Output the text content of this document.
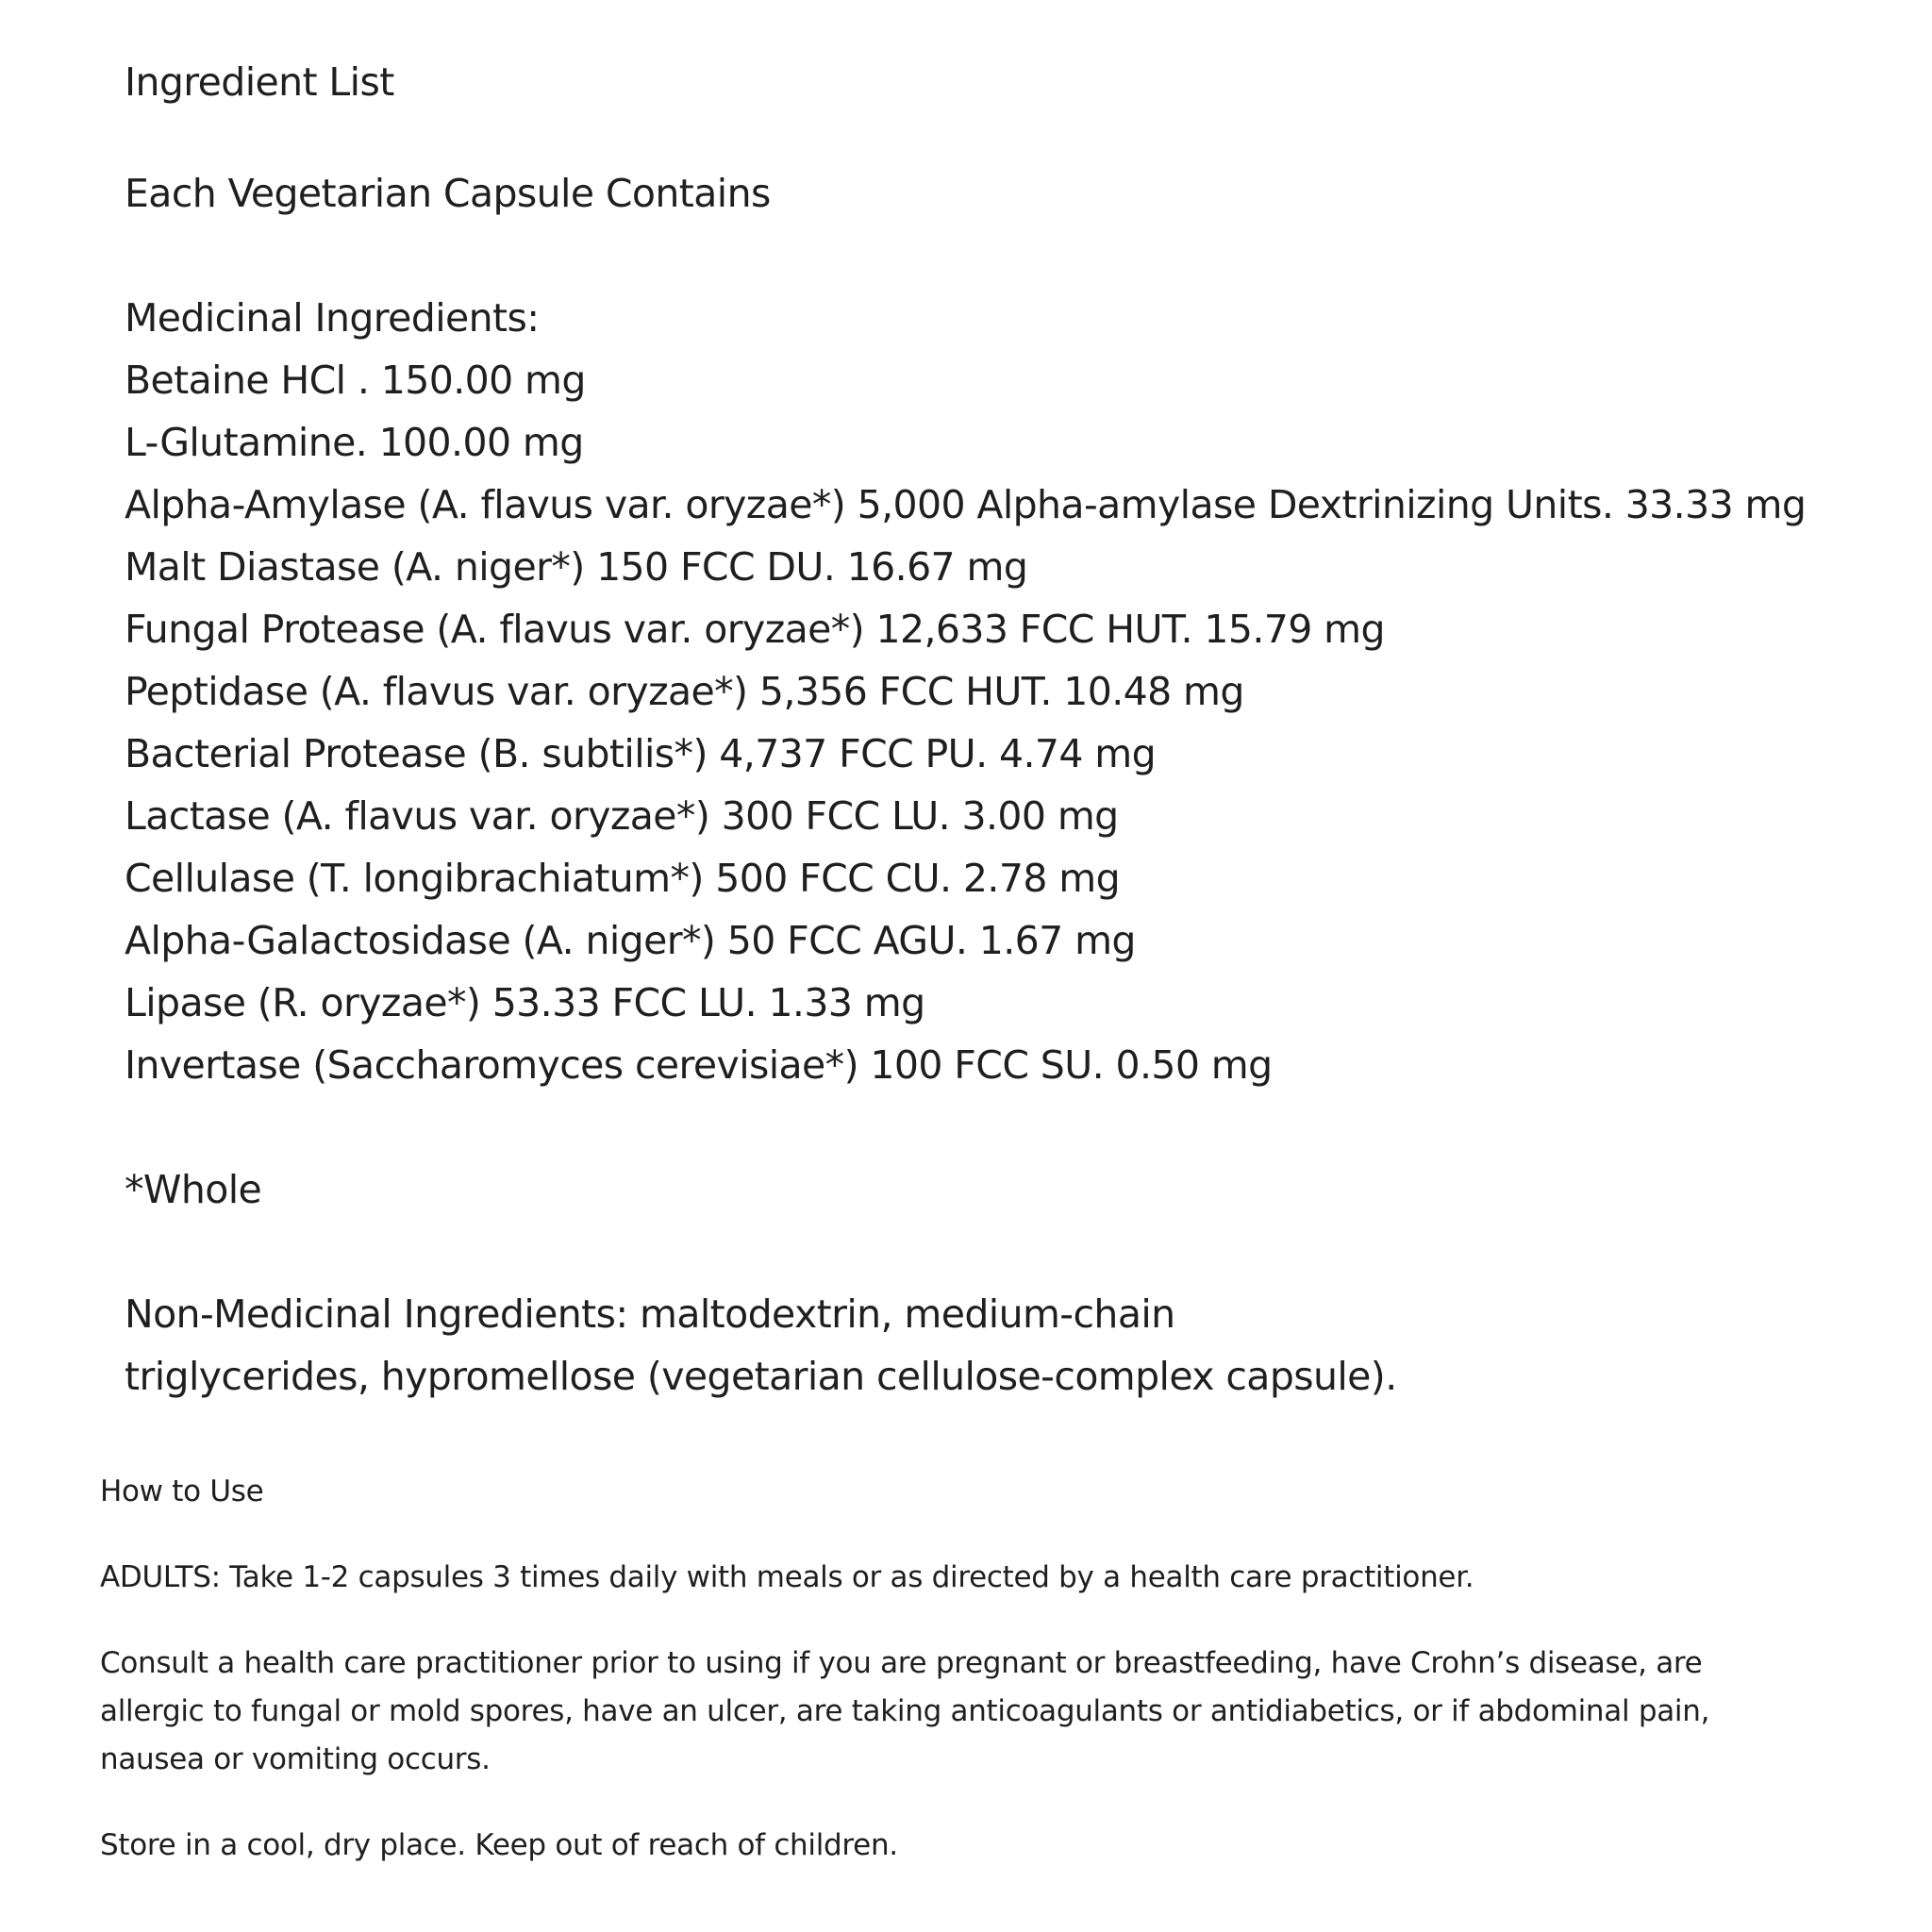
Ingredient List
Each Vegetarian Capsule Contains
Medicinal Ingredients:
Betaine HCl . 150.00 mg
L-Glutamine. 100.00 mg
Alpha-Amylase (A. flavus var. oryzae*) 5,000 Alpha-amylase Dextrinizing Units. 33.33 mg
Malt Diastase (A. niger*) 150 FCC DU. 16.67 mg
Fungal Protease (A. flavus var. oryzae*) 12,633 FCC HUT. 15.79 mg
Peptidase (A. flavus var. oryzae*) 5,356 FCC HUT. 10.48 mg
Bacterial Protease (B. subtilis*) 4,737 FCC PU. 4.74 mg
Lactase (A. flavus var. oryzae*) 300 FCC LU. 3.00 mg
Cellulase (T. longibrachiatum*) 500 FCC CU. 2.78 mg
Alpha-Galactosidase (A. niger*) 50 FCC AGU. 1.67 mg
Lipase (R. oryzae*) 53.33 FCC LU. 1.33 mg
Invertase (Saccharomyces cerevisiae*) 100 FCC SU. 0.50 mg
*Whole
Non-Medicinal Ingredients: maltodextrin, medium-chain
triglycerides, hypromellose (vegetarian cellulose-complex capsule).

How to Use

ADULTS: Take 1-2 capsules 3 times daily with meals or as directed by a health care practitioner.

Consult a health care practitioner prior to using if you are pregnant or breastfeeding, have Crohn’s disease, are

allergic to fungal or mold spores, have an ulcer, are taking anticoagulants or antidiabetics, or if abdominal pain,

nausea or vomiting occurs.

Store in a cool, dry place. Keep out of reach of children.
